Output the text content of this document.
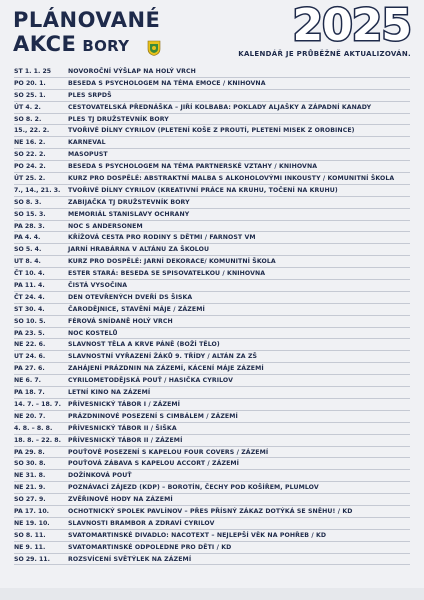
PLÁNOVANÉ
AKCE BORY	2025
KALENDÁŘ JE PRŮBĚŽNĚ AKTUALIZOVÁN.
ST 1. 1. 25	NOVOROČNÍ VÝŠLAP NA HOLÝ VRCH
PO 20. 1.	BESEDA S PSYCHOLOGEM NA TÉMA EMOCE / KNIHOVNA
SO 25. 1.	PLES SRPDŠ
ÚT 4. 2.	CESTOVATELSKÁ PŘEDNÁŠKA – JIŘÍ KOLBABA: POKLADY ALJAŠKY A ZÁPADNÍ KANADY
SO 8. 2.	PLES TJ DRUŽSTEVNÍK BORY
15., 22. 2.	TVOŘIVÉ DÍLNY CYRILOV (PLETENÍ KOŠE Z PROUTÍ, PLETENÍ MISEK Z OROBINCE)
NE 16. 2.	KARNEVAL
SO 22. 2.	MASOPUST
PO 24. 2.	BESEDA S PSYCHOLOGEM NA TÉMA PARTNERSKÉ VZTAHY / KNIHOVNA
ÚT 25. 2.	KURZ PRO DOSPĚLÉ: ABSTRAKTNÍ MALBA S ALKOHOLOVÝMI INKOUSTY / KOMUNITNÍ ŠKOLA
7., 14., 21. 3.	TVOŘIVÉ DÍLNY CYRILOV (KREATIVNÍ PRÁCE NA KRUHU, TOČENÍ NA KRUHU)
SO 8. 3.	ZABIJAČKA TJ DRUŽSTEVNÍK BORY
SO 15. 3.	MEMORIÁL STANISLAVY OCHRANY
PA 28. 3.	NOC S ANDERSONEM
PA 4. 4.	KŘÍŽOVÁ CESTA PRO RODINY S DĚTMI / FARNOST VM
SO 5. 4.	JARNÍ HRABÁRNA V ALTÁNU ZA ŠKOLOU
UT 8. 4.	KURZ PRO DOSPĚLÉ: JARNÍ DEKORACE/ KOMUNITNÍ ŠKOLA
ČT 10. 4.	ESTER STARÁ: BESEDA SE SPISOVATELKOU / KNIHOVNA
PA 11. 4.	ČISTÁ VYSOČINA
ČT 24. 4.	DEN OTEVŘENÝCH DVEŘÍ DS ŠISKA
ST 30. 4.	ČARODĚJNICE, STAVĚNÍ MÁJE / ZÁZEMÍ
SO 10. 5.	FÉROVÁ SNÍDANĚ HOLÝ VRCH
PA 23. 5.	NOC KOSTELŮ
NE 22. 6.	SLAVNOST TĚLA A KRVE PÁNĚ (BOŽÍ TĚLO)
UT 24. 6.	SLAVNOSTNÍ VYŘAZENÍ ŽÁKŮ 9. TŘÍDY / ALTÁN ZA ZŠ
PA 27. 6.	ZAHÁJENÍ PRÁZDNIN NA ZÁZEMÍ, KÁCENÍ MÁJE ZÁZEMÍ
NE 6. 7.	CYRILOMETODĚJSKÁ POUŤ / HASIČKA CYRILOV
PA 18. 7.	LETNÍ KINO NA ZÁZEMÍ
14. 7. – 18. 7.	PŘÍVESNICKÝ TÁBOR I / ZÁZEMÍ
NE 20. 7.	PRÁZDNINOVÉ POSEZENÍ S CIMBÁLEM / ZÁZEMÍ
4. 8. – 8. 8.	PŘÍVESNICKÝ TÁBOR II / ŠIŠKA
18. 8. – 22. 8.	PŘÍVESNICKÝ TÁBOR II / ZÁZEMÍ
PA 29. 8.	POUŤOVÉ POSEZENÍ S KAPELOU FOUR COVERS / ZÁZEMÍ
SO 30. 8.	POUŤOVÁ ZÁBAVA S KAPELOU ACCORT / ZÁZEMÍ
NE 31. 8.	DOŽÍNKOVÁ POUŤ
NE 21. 9.	POZNÁVACÍ ZÁJEZD (KDP) – BOROTÍN, ČECHY POD KOŠÍŘEM, PLUMLOV
SO 27. 9.	ZVĚŘINOVÉ HODY NA ZÁZEMÍ
PA 17. 10.	OCHOTNICKÝ SPOLEK PAVLÍNOV – PŘES PŘÍSNÝ ZÁKAZ DOTÝKÁ SE SNĚHU! / KD
NE 19. 10.	SLAVNOSTI BRAMBOR A ZDRAVÍ CYRILOV
SO 8. 11.	SVATOMARTINSKÉ DIVADLO: NACOTEXT – NEJLEPŠÍ VĚK NA POHŘEB / KD
NE 9. 11.	SVATOMARTINSKÉ ODPOLEDNE PRO DĚTI / KD
SO 29. 11.	ROZSVÍCENÍ SVĚTÝLEK NA ZÁZEMÍ
